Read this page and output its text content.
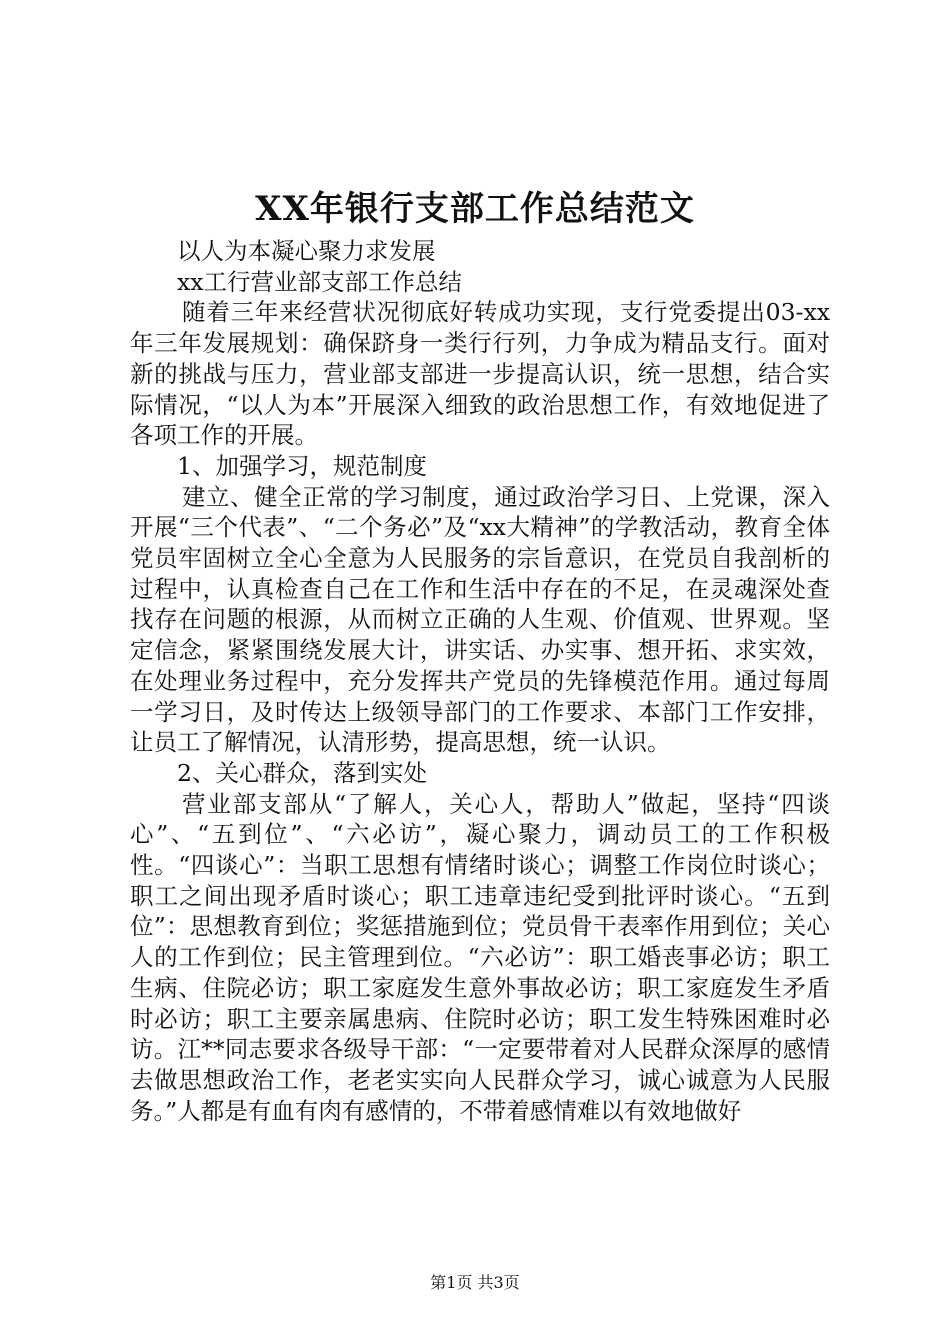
XX年银行支部工作总结范文

以人为本凝心聚力求发展

xx工行营业部支部工作总结

随着三年来经营状况彻底好转成功实现，支行党委提出03-xx年三年发展规划：确保跻身一类行行列，力争成为精品支行。面对新的挑战与压力，营业部支部进一步提高认识，统一思想，结合实际情况，“以人为本”开展深入细致的政治思想工作，有效地促进了各项工作的开展。

1、加强学习，规范制度

建立、健全正常的学习制度，通过政治学习日、上党课，深入开展“三个代表”、“二个务必”及“xx大精神”的学教活动，教育全体党员牢固树立全心全意为人民服务的宗旨意识，在党员自我剖析的过程中，认真检查自己在工作和生活中存在的不足，在灵魂深处查找存在问题的根源，从而树立正确的人生观、价值观、世界观。坚定信念，紧紧围绕发展大计，讲实话、办实事、想开拓、求实效，在处理业务过程中，充分发挥共产党员的先锋模范作用。通过每周一学习日，及时传达上级领导部门的工作要求、本部门工作安排，让员工了解情况，认清形势，提高思想，统一认识。

2、关心群众，落到实处

营业部支部从“了解人，关心人，帮助人”做起，坚持“四谈心”、“五到位”、“六必访”，凝心聚力，调动员工的工作积极性。“四谈心”：当职工思想有情绪时谈心；调整工作岗位时谈心；职工之间出现矛盾时谈心；职工违章违纪受到批评时谈心。“五到位”：思想教育到位；奖惩措施到位；党员骨干表率作用到位；关心人的工作到位；民主管理到位。“六必访”：职工婚丧事必访；职工生病、住院必访；职工家庭发生意外事故必访；职工家庭发生矛盾时必访；职工主要亲属患病、住院时必访；职工发生特殊困难时必访。江**同志要求各级导干部：“一定要带着对人民群众深厚的感情去做思想政治工作，老老实实向人民群众学习，诚心诚意为人民服务。”人都是有血有肉有感情的，不带着感情难以有效地做好

第1页 共3页
